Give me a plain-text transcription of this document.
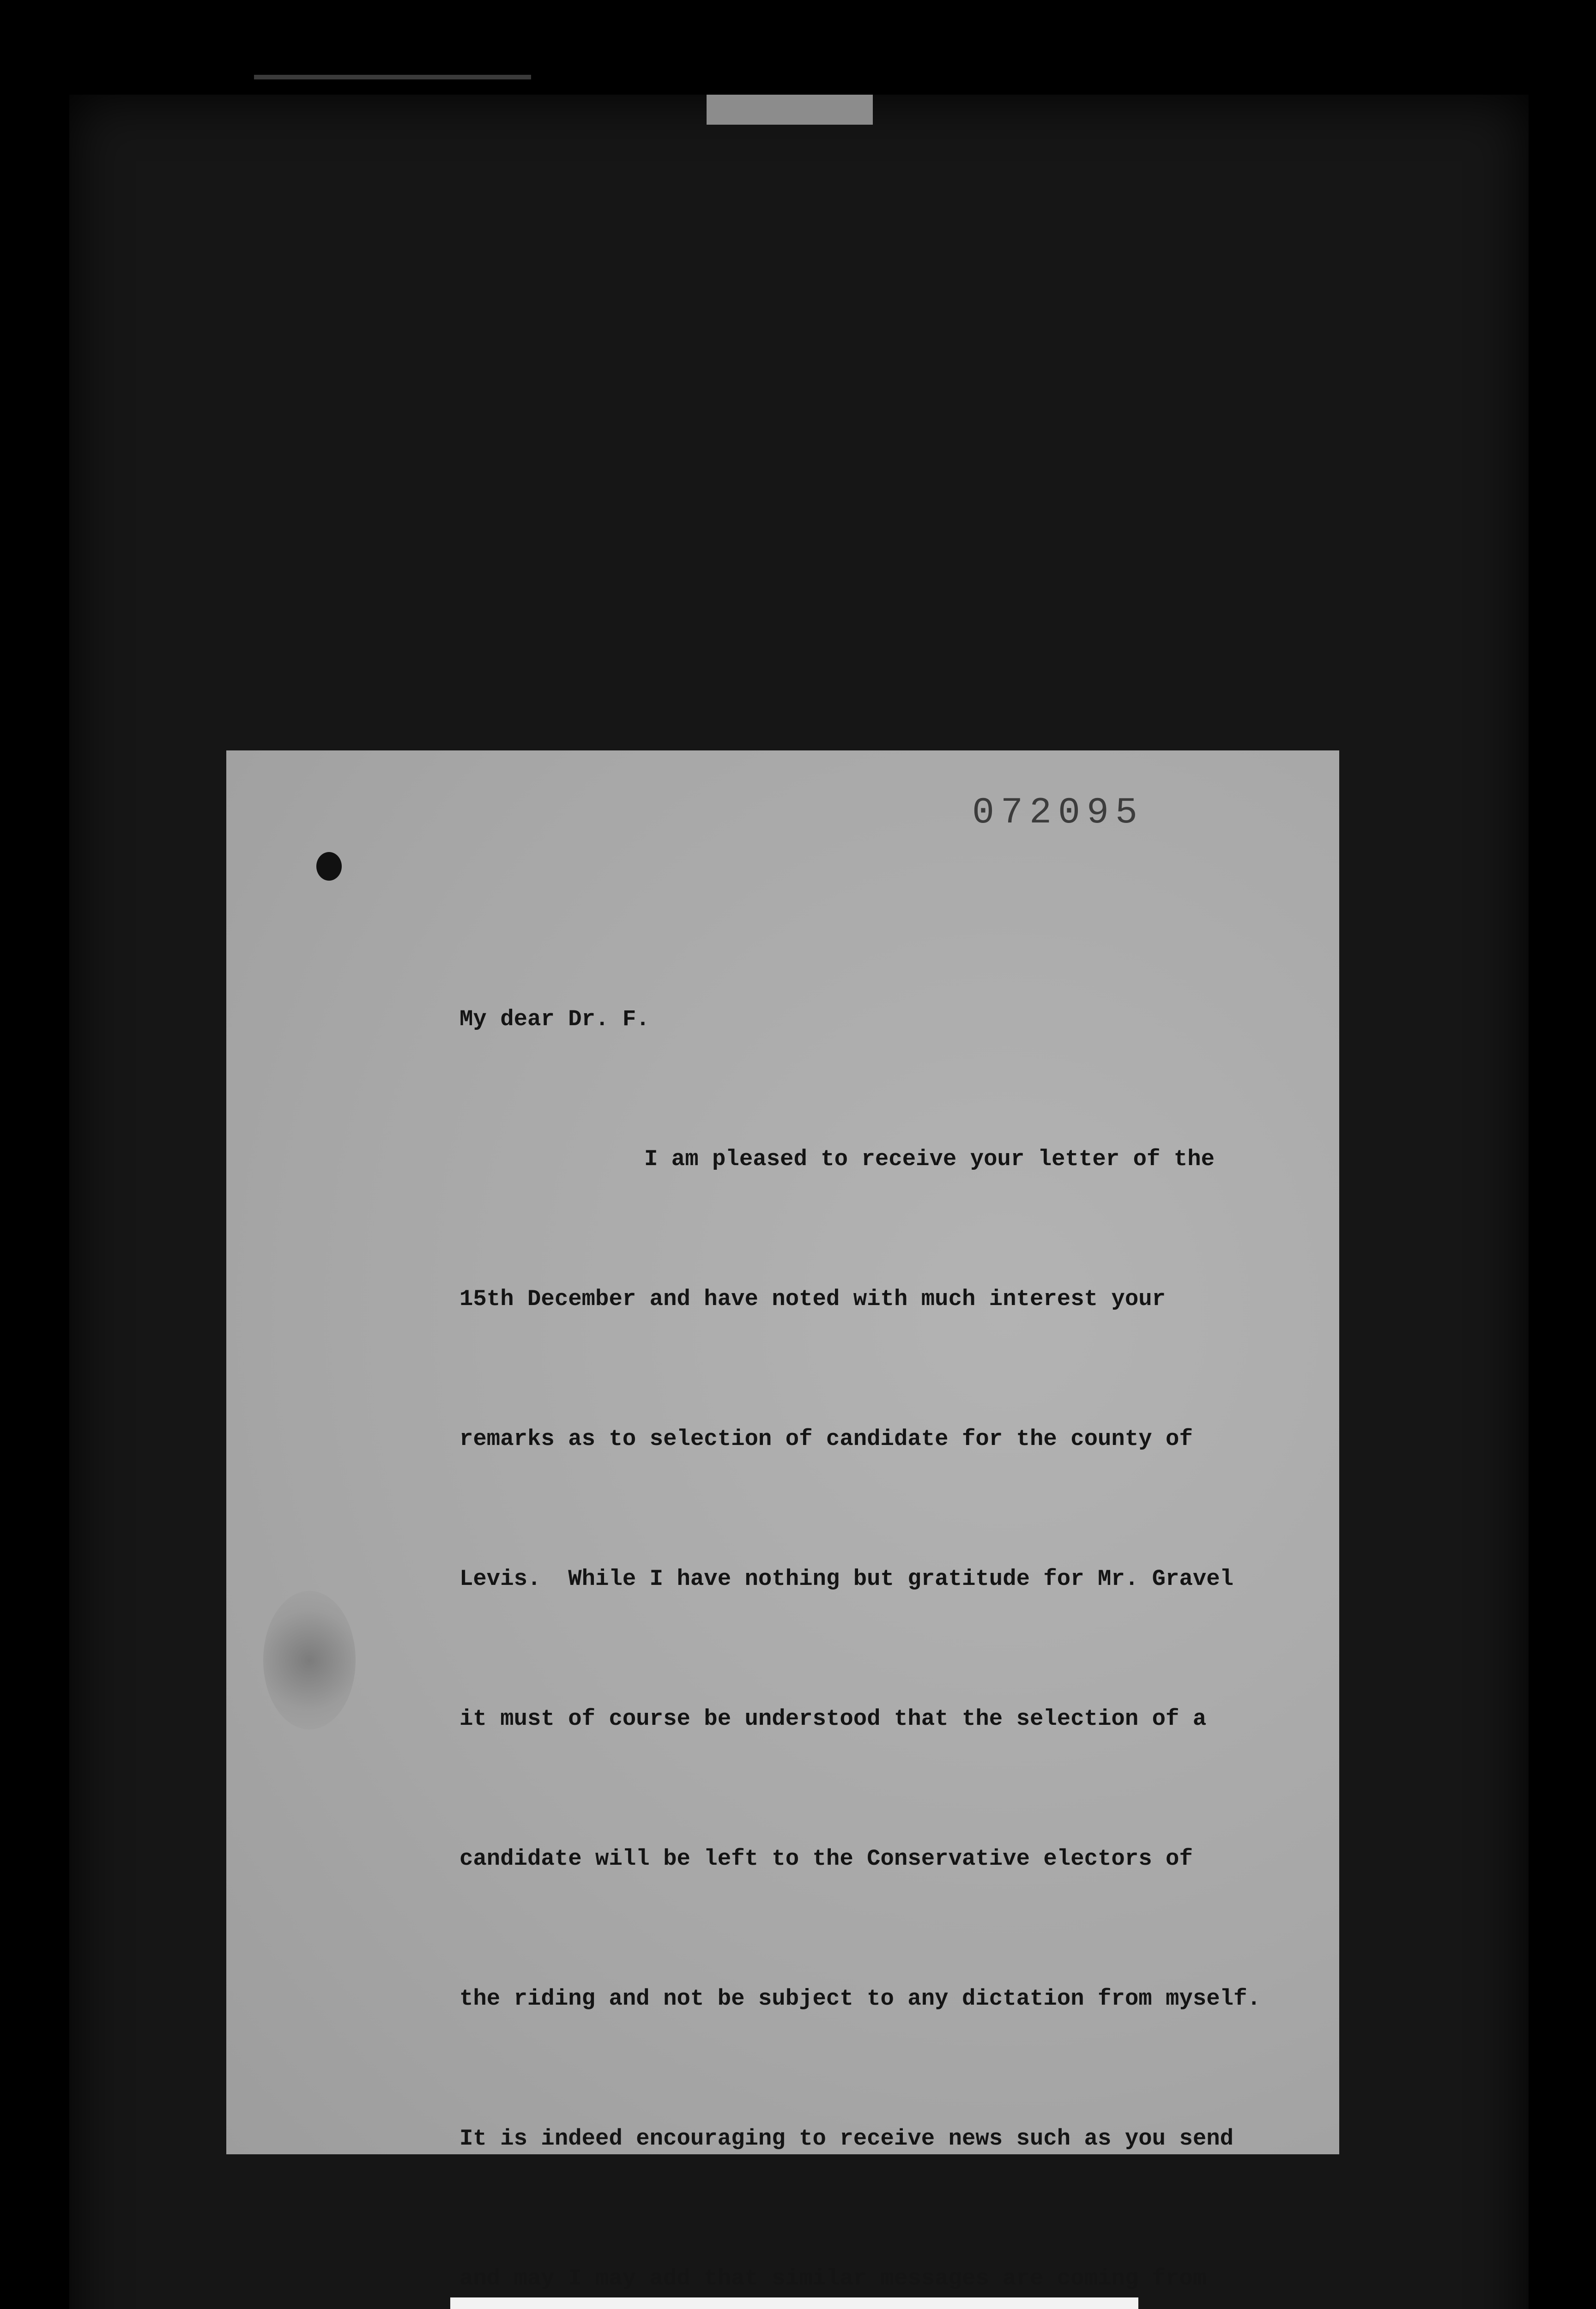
072095

My dear Dr. F.

I am pleased to receive your letter of the

15th December and have noted with much interest your

remarks as to selection of candidate for the county of

Levis.  While I have nothing but gratitude for Mr. Gravel

it must of course be understood that the selection of a

candidate will be left to the Conservative electors of

the riding and not be subject to any dictation from myself.

It is indeed encouraging to receive news such as you send

and may I may add that similar messages are coming from
